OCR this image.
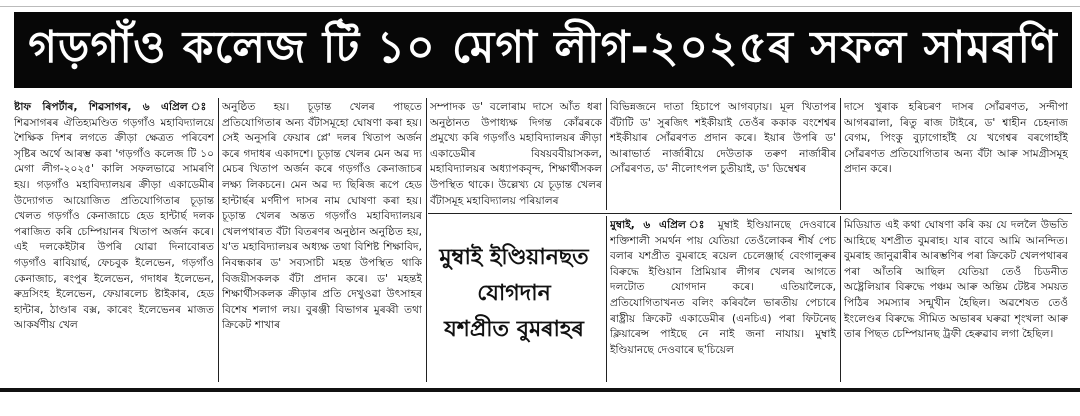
গড়গাঁও কলেজ টি ১০ মেগা লীগ-২০২৫ৰ সফল সামৰণি

ষ্টাফ ৰিপৰ্টাৰ, শিৱসাগৰ, ৬ এপ্ৰিল ঃ শিৱসাগৰৰ ঐতিহ্যমণ্ডিত গড়গাঁও মহাবিদ্যালয়ে শৈক্ষিক দিশৰ লগতে ক্ৰীড়া ক্ষেত্ৰত পৰিবেশ সৃষ্টিৰ অৰ্থে আৰম্ভ কৰা 'গড়গাঁও কলেজ টি ১০ মেগা লীগ-২০২৫' কালি সফলভাৱে সামৰণি হয়। গড়গাঁও মহাবিদ্যালয়ৰ ক্ৰীড়া একাডেমীৰ উদ্যোগত আয়োজিত প্ৰতিযোগিতাৰ চূড়ান্ত খেলত গড়গাঁও কেনাজাচে হেড হান্টাৰ্ছ দলক পৰাজিত কৰি চেম্পিয়ানৰ খিতাপ অৰ্জন কৰে। এই দলকেইটাৰ উপৰি যোৱা দিনাবোৰত গড়গাঁও ৰাবিয়াৰ্ছ, ফেচবুক ইলেভেন, গড়গাঁও কেনাজাচ, ৰংপুৰ ইলেভেন, গদাধৰ ইলেভেন, ৰুদ্ৰসিংহ ইলেভেন, ফেয়াৰলেচ ষ্টাইকাৰ, হেড হান্টাৰ, ঠাণ্ডাৰ বক্স, কাৰেং ইলেভেনৰ মাজত আকৰ্ষণীয় খেল

অনুষ্ঠিত হয়। চূড়ান্ত খেলৰ পাছতে প্ৰতিযোগিতাৰ অন্য বঁটাসমূহো ঘোষণা কৰা হয়। সেই অনুসৰি ফেয়াৰ প্লে' দলৰ খিতাপ অৰ্জন কৰে গদাধৰ একাদশে। চূড়ান্ত খেলৰ মেন অৱ দ্য মেচৰ খিতাপ অৰ্জন কৰে গড়গাঁও কেনাজাচৰ লক্ষ্য লিকচনে। মেন অৱ দ্য ছিৰিজ ৰূপে হেড হান্টাৰ্ছৰ মৰ্ণদীপ দাসৰ নাম ঘোষণা কৰা হয়। চূড়ান্ত খেলৰ অন্তত গড়গাঁও মহাবিদ্যালয়ৰ খেলপথাৰত বঁটা বিতৰণৰ অনুষ্ঠান অনুষ্ঠিত হয়, য'ত মহাবিদ্যালয়ৰ অধ্যক্ষ তথা বিশিষ্ট শিক্ষাবিদ, নিবন্ধকাৰ ড' সব্যসাচী মহন্ত উপস্থিত থাকি বিজয়ীসকলক বঁটা প্ৰদান কৰে। ড' মহন্তই শিক্ষাৰ্থীসকলক ক্ৰীড়াৰ প্ৰতি দেখুওৱা উৎসাহৰ বিশেষ শলাগ লয়। বুৰঞ্জী বিভাগৰ মুৰব্বী তথা ক্ৰিকেট শাখাৰ

সম্পাদক ড' বলোৰাম দাসে আঁত ধৰা অনুষ্ঠানত উপাধ্যক্ষ দিগন্ত কোঁৱৰকে প্ৰমুখ্যে কৰি গড়গাঁও মহাবিদ্যালয়ৰ ক্ৰীড়া একাডেমীৰ বিষয়ববীয়াসকল, মহাবিদ্যালয়ৰ অধ্যাপকবৃন্দ, শিক্ষাৰ্থীসকল উপস্থিত থাকে। উল্লেখ্য যে চূড়ান্ত খেলৰ বঁটাসমূহ মহাবিদ্যালয় পৰিয়ালৰ

বিভিন্নজনে দাতা হিচাপে আগবঢ়ায়। মূল খিতাপৰ বঁটাটি ড' সুৰজিৎ শইকীয়াই তেওঁৰ ককাক বংশেশ্বৰ শইকীয়াৰ সোঁৱৰণত প্ৰদান কৰে। ইয়াৰ উপৰি ড' আৰাভাৰ্ত নাৰ্জাৰীয়ে দেউতাক তৰুণ নাৰ্জাৰীৰ সোঁৱৰণত, ড' নীলোৎপল চুতীয়াই, ড' ডিম্বেশ্বৰ

দাসে খুৰাক হৰিচৰণ দাসৰ সোঁৱৰণত, সন্দীপা আগৰৱালা, ৰিতু ৰাজ টাইৰে, ড' শ্বাহীন চেহনাজ বেগম, পিংকু বুঢ়াগোহাঁই যে খগেশ্বৰ বৰগোহাঁই সোঁৱৰণত প্ৰতিযোগিতাৰ অন্য বঁটা আৰু সামগ্ৰীসমূহ প্ৰদান কৰে।

মুম্বাই ইণ্ডিয়ানছত
যোগদান
যশপ্ৰীত বুমৰাহৰ

মুম্বাই, ৬ এপ্ৰিল ঃ মুম্বাই ইণ্ডিয়ানছে দেওবাৰে শক্তিশালী সমৰ্থন পায় যেতিয়া তেওঁলোকৰ শীৰ্ষ পেচ বলাৰ যশপ্ৰীত বুমৰাহে ৰয়েল চেলেঞ্জাৰ্ছ বেংগালুৰুৰ বিৰুদ্ধে ইণ্ডিয়ান প্ৰিমিয়াৰ লীগৰ খেলৰ আগতে দলটোত যোগদান কৰে। এতিয়ালৈকে, প্ৰতিযোগিতাখনত বলিং কৰিবলৈ ভাৰতীয় পেচাৰে ৰাষ্ট্ৰীয় ক্ৰিকেট একাডেমীৰ (এনচিএ) পৰা ফিটনেছ ক্লিয়াৰেন্স পাইছে নে নাই জনা নাযায়। মুম্বাই ইণ্ডিয়ানছে দেওবাৰে ছ'চিয়েল

মিডিয়াত এই কথা ঘোষণা কৰি কয় যে দললৈ উভতি আহিছে যশপ্ৰীত বুমৰাহ। যাৰ বাবে আমি আনন্দিত। বুমৰাহ জানুৱাৰীৰ আৰম্ভণিৰ পৰা ক্ৰিকেট খেলপথাৰৰ পৰা আঁতৰি আছিল যেতিয়া তেওঁ চিডনীত অষ্ট্ৰেলিয়াৰ বিৰুদ্ধে পঞ্চম আৰু অন্তিম টেষ্টৰ সময়ত পিঠিৰ সমস্যাৰ সন্মুখীন হৈছিল। অৱশেষত তেওঁ ইংলেণ্ডৰ বিৰুদ্ধে সীমিত অভাৰৰ ঘৰুৱা শৃংখলা আৰু তাৰ পিছত চেম্পিয়ানছ ট্ৰফী হেৰুৱাব লগা হৈছিল।
